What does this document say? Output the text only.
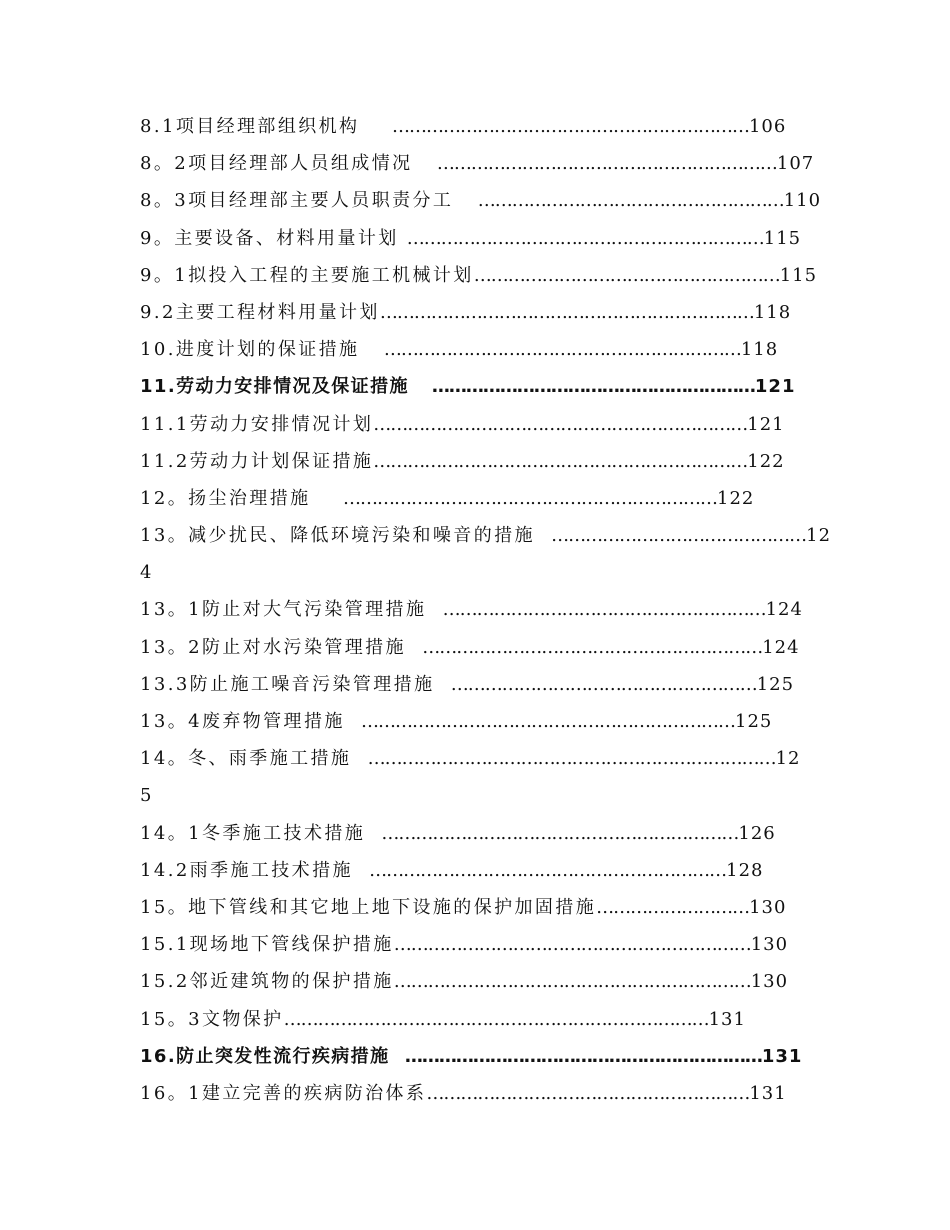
8.1项目经理部组织机构 ………………………………………………………106
8。2项目经理部人员组成情况 ……………………………………………………107
8。3项目经理部主要人员职责分工 ………………………………………………110
9。主要设备、材料用量计划 ………………………………………………………115
9。1拟投入工程的主要施工机械计划………………………………………………115
9.2主要工程材料用量计划…………………………………………………………118
10.进度计划的保证措施 ………………………………………………………118
11.劳动力安排情况及保证措施 …………………………………………………121
11.1劳动力安排情况计划…………………………………………………………121
11.2劳动力计划保证措施…………………………………………………………122
12。扬尘治理措施 …………………………………………………………122
13。减少扰民、降低环境污染和噪音的措施 ………………………………………12
4
13。1防止对大气污染管理措施 …………………………………………………124
13。2防止对水污染管理措施 ……………………………………………………124
13.3防止施工噪音污染管理措施 ………………………………………………125
13。4废弃物管理措施 …………………………………………………………125
14。冬、雨季施工措施 ………………………………………………………………12
5
14。1冬季施工技术措施 ………………………………………………………126
14.2雨季施工技术措施 ………………………………………………………128
15。地下管线和其它地上地下设施的保护加固措施………………………130
15.1现场地下管线保护措施………………………………………………………130
15.2邻近建筑物的保护措施………………………………………………………130
15。3文物保护…………………………………………………………………131
16.防止突发性流行疾病措施 ………………………………………………………131
16。1建立完善的疾病防治体系…………………………………………………131
